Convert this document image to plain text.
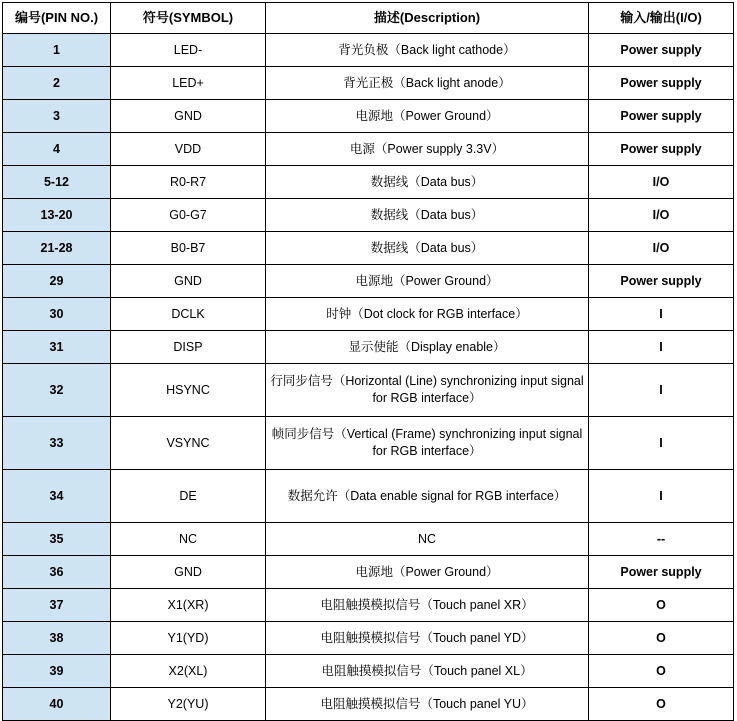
编号(PIN NO.)	符号(SYMBOL)	描述(Description)	输入/输出(I/O)
1	LED-	背光负极（Back light cathode）	Power supply
2	LED+	背光正极（Back light anode）	Power supply
3	GND	电源地（Power Ground）	Power supply
4	VDD	电源（Power supply 3.3V）	Power supply
5-12	R0-R7	数据线（Data bus）	I/O
13-20	G0-G7	数据线（Data bus）	I/O
21-28	B0-B7	数据线（Data bus）	I/O
29	GND	电源地（Power Ground）	Power supply
30	DCLK	时钟（Dot clock for RGB interface）	I
31	DISP	显示使能（Display enable）	I
32	HSYNC	行同步信号（Horizontal (Line) synchronizing input signal for RGB interface）	I
33	VSYNC	帧同步信号（Vertical (Frame) synchronizing input signal for RGB interface）	I
34	DE	数据允许（Data enable signal for RGB interface）	I
35	NC	NC	--
36	GND	电源地（Power Ground）	Power supply
37	X1(XR)	电阻触摸模拟信号（Touch panel XR）	O
38	Y1(YD)	电阻触摸模拟信号（Touch panel YD）	O
39	X2(XL)	电阻触摸模拟信号（Touch panel XL）	O
40	Y2(YU)	电阻触摸模拟信号（Touch panel YU）	O
